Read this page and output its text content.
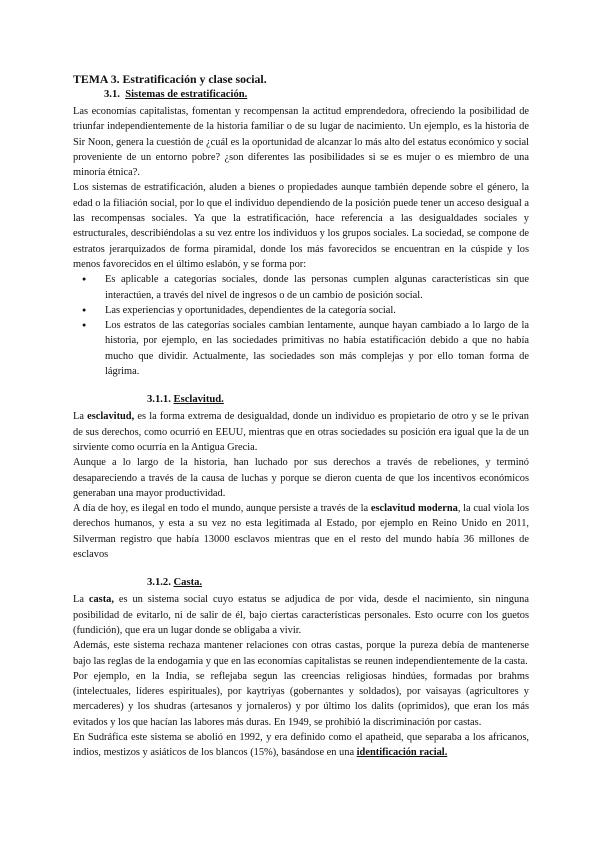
TEMA 3. Estratificación y clase social.
3.1. Sistemas de estratificación.

Las economías capitalistas, fomentan y recompensan la actitud emprendedora, ofreciendo la posibilidad de triunfar independientemente de la historia familiar o de su lugar de nacimiento. Un ejemplo, es la historia de Sir Noon, genera la cuestión de ¿cuál es la oportunidad de alcanzar lo más alto del estatus económico y social proveniente de un entorno pobre? ¿son diferentes las posibilidades si se es mujer o es miembro de una minoría étnica?.

Los sistemas de estratificación, aluden a bienes o propiedades aunque también depende sobre el género, la edad o la filiación social, por lo que el individuo dependiendo de la posición puede tener un acceso desigual a las recompensas sociales. Ya que la estratificación, hace referencia a las desigualdades sociales y estructurales, describiéndolas a su vez entre los individuos y los grupos sociales. La sociedad, se compone de estratos jerarquizados de forma piramidal, donde los más favorecidos se encuentran en la cúspide y los menos favorecidos en el último eslabón, y se forma por:

● Es aplicable a categorías sociales, donde las personas cumplen algunas características sin que interactúen, a través del nivel de ingresos o de un cambio de posición social.
● Las experiencias y oportunidades, dependientes de la categoría social.
● Los estratos de las categorías sociales cambian lentamente, aunque hayan cambiado a lo largo de la historia, por ejemplo, en las sociedades primitivas no había estatificación debido a que no había mucho que dividir. Actualmente, las sociedades son más complejas y por ello toman forma de lágrima.
3.1.1. Esclavitud.

La esclavitud, es la forma extrema de desigualdad, donde un individuo es propietario de otro y se le privan de sus derechos, como ocurrió en EEUU, mientras que en otras sociedades su posición era igual que la de un sirviente como ocurría en la Antigua Grecia.

Aunque a lo largo de la historia, han luchado por sus derechos a través de rebeliones, y terminó desapareciendo a través de la causa de luchas y porque se dieron cuenta de que los incentivos económicos generaban una mayor productividad.

A día de hoy, es ilegal en todo el mundo, aunque persiste a través de la esclavitud moderna, la cual viola los derechos humanos, y esta a su vez no esta legitimada al Estado, por ejemplo en Reino Unido en 2011, Silverman registro que había 13000 esclavos mientras que en el resto del mundo había 36 millones de esclavos

3.1.2. Casta.

La casta, es un sistema social cuyo estatus se adjudica de por vida, desde el nacimiento, sin ninguna posibilidad de evitarlo, ni de salir de él, bajo ciertas características personales. Esto ocurre con los guetos (fundición), que era un lugar donde se obligaba a vivir.

Además, este sistema rechaza mantener relaciones con otras castas, porque la pureza debía de mantenerse bajo las reglas de la endogamia y que en las economías capitalistas se reunen independientemente de la casta.

Por ejemplo, en la India, se reflejaba segun las creencias religiosas hindúes, formadas por brahms (intelectuales, líderes espirituales), por kaytriyas (gobernantes y soldados), por vaisayas (agricultores y mercaderes) y los shudras (artesanos y jornaleros) y por último los dalits (oprimidos), que eran los más evitados y los que hacían las labores más duras. En 1949, se prohibió la discriminación por castas.

En Sudráfica este sistema se abolió en 1992, y era definido como el apatheid, que separaba a los africanos, indios, mestizos y asiáticos de los blancos (15%), basándose en una identificación racial.
